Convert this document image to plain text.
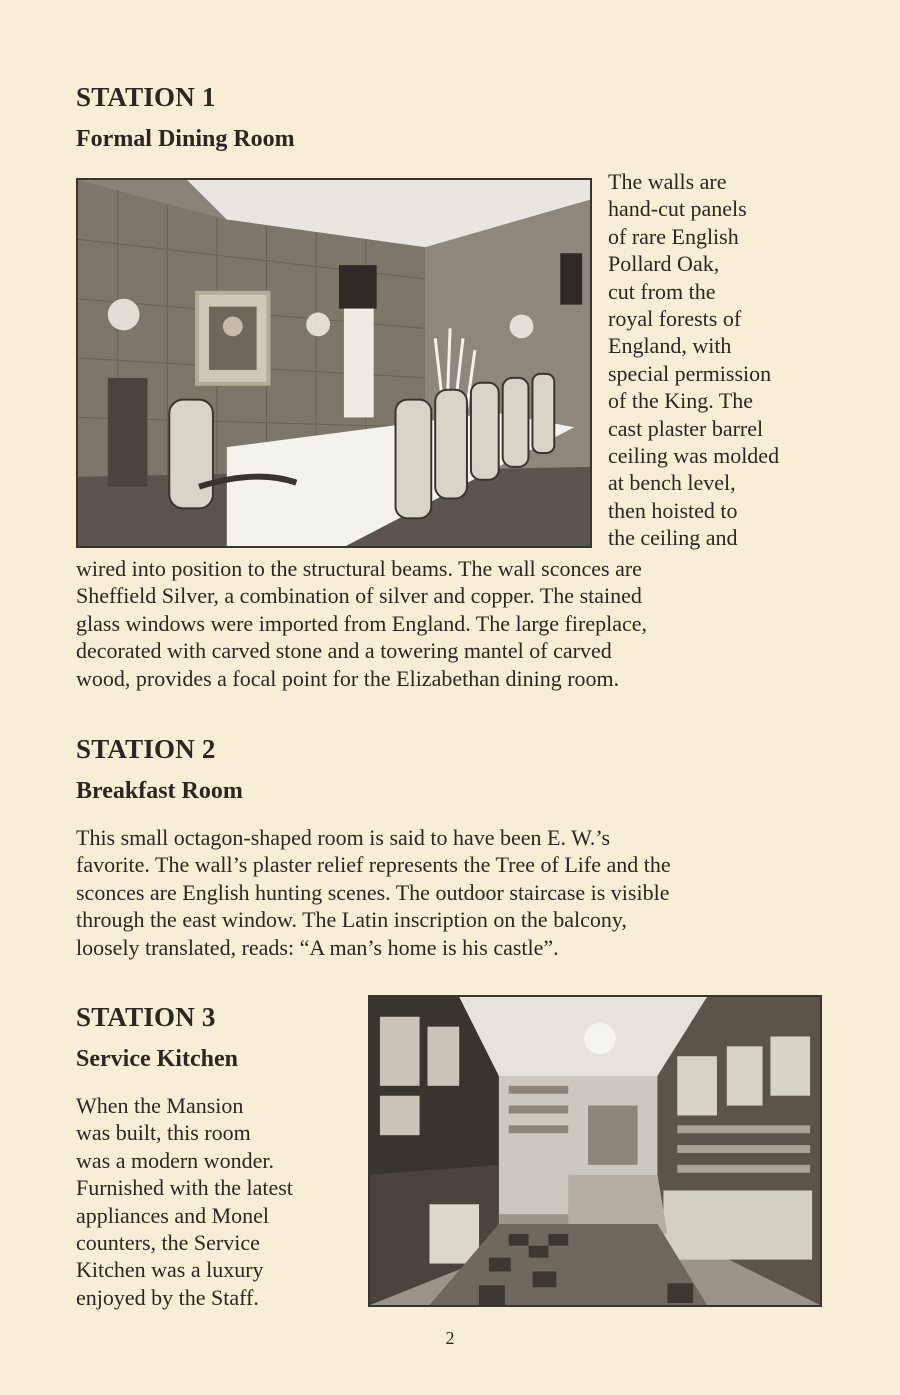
STATION 1
Formal Dining Room
The walls are
hand-cut panels
of rare English
Pollard Oak,
cut from the
royal forests of
England, with
special permission
of the King. The
cast plaster barrel
ceiling was molded
at bench level,
then hoisted to
the ceiling and
wired into position to the structural beams. The wall sconces are
Sheffield Silver, a combination of silver and copper. The stained
glass windows were imported from England. The large fireplace,
decorated with carved stone and a towering mantel of carved
wood, provides a focal point for the Elizabethan dining room.
STATION 2
Breakfast Room
This small octagon-shaped room is said to have been E. W.’s
favorite. The wall’s plaster relief represents the Tree of Life and the
sconces are English hunting scenes. The outdoor staircase is visible
through the east window. The Latin inscription on the balcony,
loosely translated, reads: “A man’s home is his castle”.
STATION 3
Service Kitchen
When the Mansion
was built, this room
was a modern wonder.
Furnished with the latest
appliances and Monel
counters, the Service
Kitchen was a luxury
enjoyed by the Staff.
2
